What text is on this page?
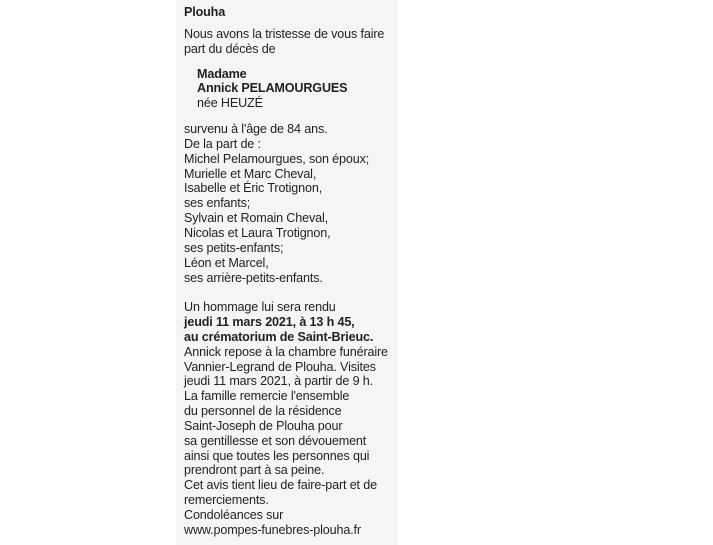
Plouha
Nous avons la tristesse de vous faire
part du décès de
Madame
Annick PELAMOURGUES
née HEUZÉ
survenu à l'âge de 84 ans.
De la part de :
Michel Pelamourgues, son époux;
Murielle et Marc Cheval,
Isabelle et Éric Trotignon,
ses enfants;
Sylvain et Romain Cheval,
Nicolas et Laura Trotignon,
ses petits-enfants;
Léon et Marcel,
ses arrière-petits-enfants.
Un hommage lui sera rendu
jeudi 11 mars 2021, à 13 h 45,
au crématorium de Saint-Brieuc.
Annick repose à la chambre funéraire
Vannier-Legrand de Plouha. Visites
jeudi 11 mars 2021, à partir de 9 h.
La famille remercie l'ensemble
du personnel de la résidence
Saint-Joseph de Plouha pour
sa gentillesse et son dévouement
ainsi que toutes les personnes qui
prendront part à sa peine.
Cet avis tient lieu de faire-part et de
remerciements.
Condoléances sur
www.pompes-funebres-plouha.fr
